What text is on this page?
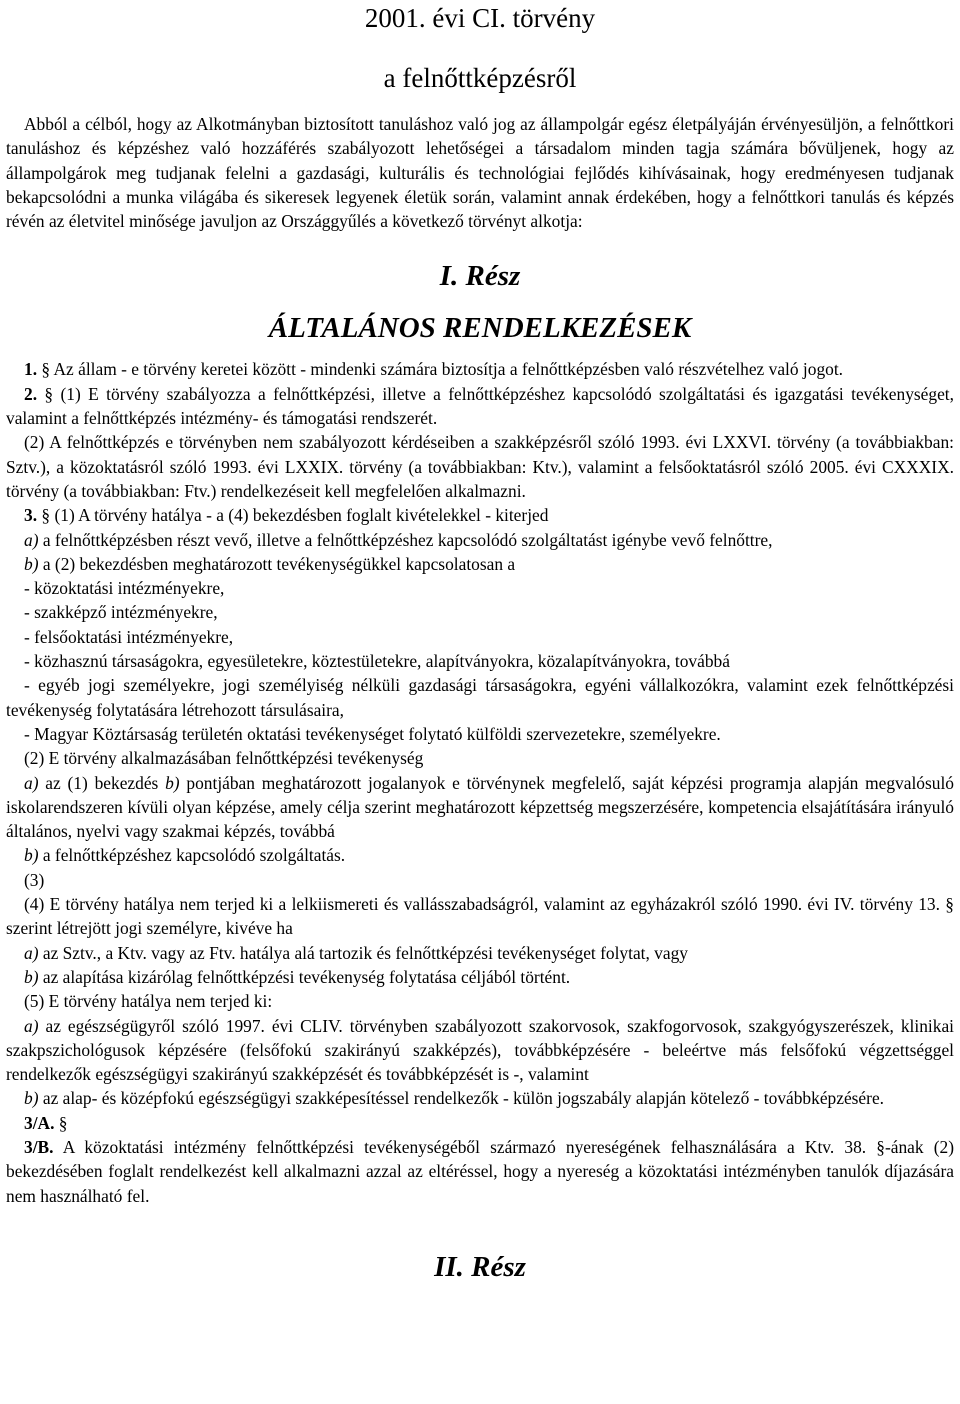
2001. évi CI. törvény
a felnőttképzésről

Abból a célból, hogy az Alkotmányban biztosított tanuláshoz való jog az állampolgár egész életpályáján érvényesüljön, a felnőttkori tanuláshoz és képzéshez való hozzáférés szabályozott lehetőségei a társadalom minden tagja számára bővüljenek, hogy az állampolgárok meg tudjanak felelni a gazdasági, kulturális és technológiai fejlődés kihívásainak, hogy eredményesen tudjanak bekapcsolódni a munka világába és sikeresek legyenek életük során, valamint annak érdekében, hogy a felnőttkori tanulás és képzés révén az életvitel minősége javuljon az Országgyűlés a következő törvényt alkotja:

I. Rész
ÁLTALÁNOS RENDELKEZÉSEK

1. § Az állam - e törvény keretei között - mindenki számára biztosítja a felnőttképzésben való részvételhez való jogot.

2. § (1) E törvény szabályozza a felnőttképzési, illetve a felnőttképzéshez kapcsolódó szolgáltatási és igazgatási tevékenységet, valamint a felnőttképzés intézmény- és támogatási rendszerét.

(2) A felnőttképzés e törvényben nem szabályozott kérdéseiben a szakképzésről szóló 1993. évi LXXVI. törvény (a továbbiakban: Sztv.), a közoktatásról szóló 1993. évi LXXIX. törvény (a továbbiakban: Ktv.), valamint a felsőoktatásról szóló 2005. évi CXXXIX. törvény (a továbbiakban: Ftv.) rendelkezéseit kell megfelelően alkalmazni.

3. § (1) A törvény hatálya - a (4) bekezdésben foglalt kivételekkel - kiterjed

a) a felnőttképzésben részt vevő, illetve a felnőttképzéshez kapcsolódó szolgáltatást igénybe vevő felnőttre,

b) a (2) bekezdésben meghatározott tevékenységükkel kapcsolatosan a

- közoktatási intézményekre,

- szakképző intézményekre,

- felsőoktatási intézményekre,

- közhasznú társaságokra, egyesületekre, köztestületekre, alapítványokra, közalapítványokra, továbbá

- egyéb jogi személyekre, jogi személyiség nélküli gazdasági társaságokra, egyéni vállalkozókra, valamint ezek felnőttképzési tevékenység folytatására létrehozott társulásaira,

- Magyar Köztársaság területén oktatási tevékenységet folytató külföldi szervezetekre, személyekre.

(2) E törvény alkalmazásában felnőttképzési tevékenység

a) az (1) bekezdés b) pontjában meghatározott jogalanyok e törvénynek megfelelő, saját képzési programja alapján megvalósuló iskolarendszeren kívüli olyan képzése, amely célja szerint meghatározott képzettség megszerzésére, kompetencia elsajátítására irányuló általános, nyelvi vagy szakmai képzés, továbbá

b) a felnőttképzéshez kapcsolódó szolgáltatás.

(3)

(4) E törvény hatálya nem terjed ki a lelkiismereti és vallásszabadságról, valamint az egyházakról szóló 1990. évi IV. törvény 13. § szerint létrejött jogi személyre, kivéve ha

a) az Sztv., a Ktv. vagy az Ftv. hatálya alá tartozik és felnőttképzési tevékenységet folytat, vagy

b) az alapítása kizárólag felnőttképzési tevékenység folytatása céljából történt.

(5) E törvény hatálya nem terjed ki:

a) az egészségügyről szóló 1997. évi CLIV. törvényben szabályozott szakorvosok, szakfogorvosok, szakgyógyszerészek, klinikai szakpszichológusok képzésére (felsőfokú szakirányú szakképzés), továbbképzésére - beleértve más felsőfokú végzettséggel rendelkezők egészségügyi szakirányú szakképzését és továbbképzését is -, valamint

b) az alap- és középfokú egészségügyi szakképesítéssel rendelkezők - külön jogszabály alapján kötelező - továbbképzésére.

3/A. §

3/B. A közoktatási intézmény felnőttképzési tevékenységéből származó nyereségének felhasználására a Ktv. 38. §-ának (2) bekezdésében foglalt rendelkezést kell alkalmazni azzal az eltéréssel, hogy a nyereség a közoktatási intézményben tanulók díjazására nem használható fel.

II. Rész
